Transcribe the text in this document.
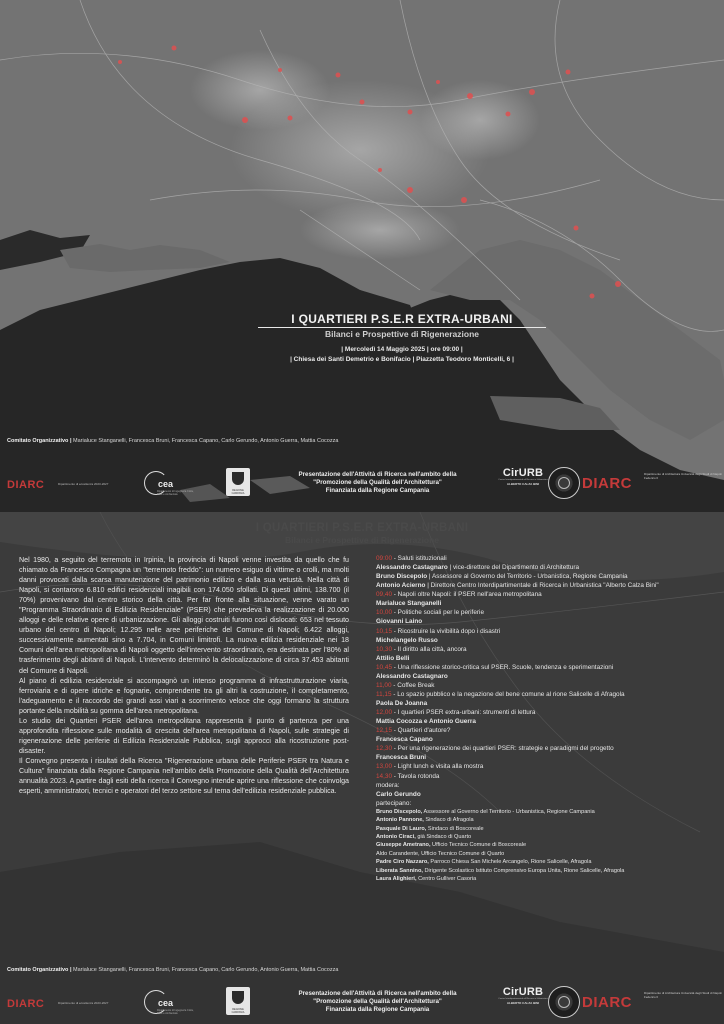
I QUARTIERI P.S.E.R EXTRA-URBANI
Bilanci e Prospettive di Rigenerazione
| Mercoledì 14 Maggio 2025 | ore 09:00 |
| Chiesa dei Santi Demetrio e Bonifacio | Piazzetta Teodoro Monticelli, 6 |
Comitato Organizzativo | Marialuce Stanganelli, Francesca Bruni, Francesca Capano, Carlo Gerundo, Antonio Guerra, Mattia Cocozza
DIARC	Dipartimento di eccellenza 2023-2027	cea
Dipartimento di Ingegneria Civile, Edile e Ambientale
REGIONE CAMPANIA
Presentazione dell'Attività di Ricerca nell'ambito della
"Promozione della Qualità dell'Architettura"
Finanziata dalla Regione Campania
CirURB
Centro Interdipartimentale di Ricerca in Urbanistica
ALBERTO CALZA BINI	DIARC
Dipartimento di Architettura Università degli Studi di Napoli Federico II
I QUARTIERI P.S.E.R EXTRA-URBANI
Bilanci e Prospettive di Rigenerazione

Nel 1980, a seguito del terremoto in Irpinia, la provincia di Napoli venne investita da quello che fu chiamato da Francesco Compagna un "terremoto freddo": un numero esiguo di vittime o crolli, ma molti danni provocati dalla scarsa manutenzione del patrimonio edilizio e dalla sua vetustà. Nella città di Napoli, si contarono 6.810 edifici residenziali inagibili con 174.050 sfollati. Di questi ultimi, 138.700 (il 70%) provenivano dal centro storico della città. Per far fronte alla situazione, venne varato un "Programma Straordinario di Edilizia Residenziale" (PSER) che prevedeva la realizzazione di 20.000 alloggi e delle relative opere di urbanizzazione. Gli alloggi costruiti furono così dislocati: 653 nel tessuto urbano del centro di Napoli; 12.295 nelle aree periferiche del Comune di Napoli; 6.422 alloggi, successivamente aumentati sino a 7.704, in Comuni limitrofi. La nuova edilizia residenziale nei 18 Comuni dell'area metropolitana di Napoli oggetto dell'intervento straordinario, era destinata per l'80% al trasferimento degli abitanti di Napoli. L'intervento determinò la delocalizzazione di circa 37.453 abitanti del Comune di Napoli.

Al piano di edilizia residenziale si accompagnò un intenso programma di infrastrutturazione viaria, ferroviaria e di opere idriche e fognarie, comprendente tra gli altri la costruzione, il completamento, l'adeguamento e il raccordo dei grandi assi viari a scorrimento veloce che oggi formano la struttura portante della mobilità su gomma dell'area metropolitana.

Lo studio dei Quartieri PSER dell'area metropolitana rappresenta il punto di partenza per una approfondita riflessione sulle modalità di crescita dell'area metropolitana di Napoli, sulle strategie di rigenerazione delle periferie di Edilizia Residenziale Pubblica, sugli approcci alla ricostruzione post-disaster.

Il Convegno presenta i risultati della Ricerca "Rigenerazione urbana delle Periferie PSER tra Natura e Cultura" finanziata dalla Regione Campania nell'ambito della Promozione della Qualità dell'Architettura annualità 2023. A partire dagli esiti della ricerca il Convegno intende aprire una riflessione che coinvolga esperti, amministratori, tecnici e operatori del terzo settore sul tema dell'edilizia residenziale pubblica.

09:00 - Saluti istituzionali
Alessandro Castagnaro | vice-direttore del Dipartimento di Architettura
Bruno Discepolo | Assessore al Governo del Territorio - Urbanistica, Regione Campania
Antonio Acierno | Direttore Centro Interdipartimentale di Ricerca in Urbanistica "Alberto Calza Bini"
09,40 - Napoli oltre Napoli: il PSER nell'area metropolitana
Marialuce Stanganelli
10,00 - Politiche sociali per le periferie
Giovanni Laino
10,15 - Ricostruire la vivibilità dopo i disastri
Michelangelo Russo
10,30 - Il diritto alla città, ancora
Attilio Belli
10,45 - Una riflessione storico-critica sul PSER. Scuole, tendenza e sperimentazioni
Alessandro Castagnaro
11,00 - Coffee Break
11,15 - Lo spazio pubblico e la negazione del bene comune al rione Salicelle di Afragola
Paola De Joanna
12,00 - I quartieri PSER extra-urbani: strumenti di lettura
Mattia Cocozza e Antonio Guerra
12,15 - Quartieri d'autore?
Francesca Capano
12,30 - Per una rigenerazione dei quartieri PSER: strategie e paradigmi del progetto
Francesca Bruni
13,00 - Light lunch e visita alla mostra
14,30 - Tavola rotonda
modera:
Carlo Gerundo
partecipano:
Bruno Discepolo, Assessore al Governo del Territorio - Urbanistica, Regione Campania
Antonio Pannone, Sindaco di Afragola
Pasquale Di Lauro, Sindaco di Boscoreale
Antonio Ciraci, già Sindaco di Quarto
Giuseppe Ametrano, Ufficio Tecnico Comune di Boscoreale
Aldo Carandente, Ufficio Tecnico Comune di Quarto
Padre Ciro Nazzaro, Parroco Chiesa San Michele Arcangelo, Rione Salicelle, Afragola
Liberata Sannino, Dirigente Scolastico Istituto Comprensivo Europa Unita, Rione Salicelle, Afragola
Laura Alighieri, Centro Gulliver Casoria
Comitato Organizzativo | Marialuce Stanganelli, Francesca Bruni, Francesca Capano, Carlo Gerundo, Antonio Guerra, Mattia Cocozza
DIARC	Dipartimento di eccellenza 2023-2027	cea
Dipartimento di Ingegneria Civile, Edile e Ambientale
REGIONE CAMPANIA
Presentazione dell'Attività di Ricerca nell'ambito della
"Promozione della Qualità dell'Architettura"
Finanziata dalla Regione Campania
CirURB
Centro Interdipartimentale di Ricerca in Urbanistica
ALBERTO CALZA BINI	DIARC
Dipartimento di Architettura Università degli Studi di Napoli Federico II
